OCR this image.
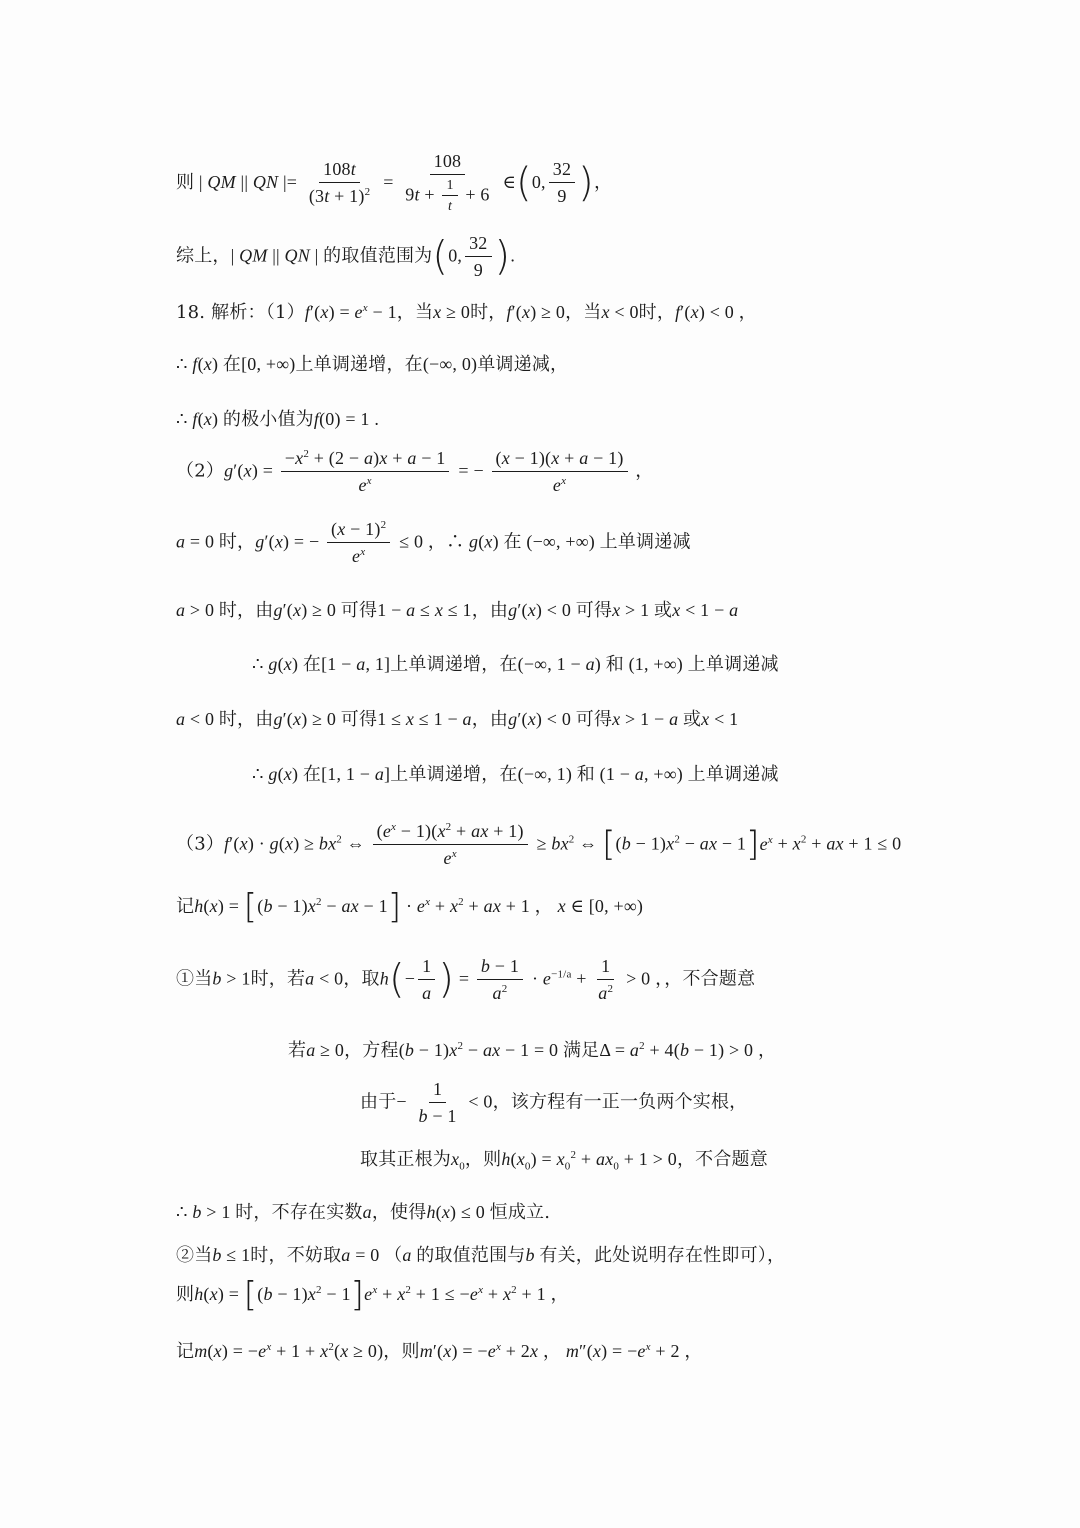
则 | QM || QN |= $\frac{108t}{(3t + 1)^2} = \frac{108}{9t + \frac{1}{t} + 6}$ ∈(0, $\frac{32}{9}$ )，
综上，| QM || QN | 的取值范围为(0, $\frac{32}{9}$ ).
18. 解析：$(1)f'(x) = e^x - 1$，当x ≥ 0时，f′(x) ≥ 0，当x < 0时，f′(x) < 0 ，
∴ f(x) 在[0, +∞)上单调递增，在(−∞, 0)单调递减，
∴ f(x) 的极小值为f(0) = 1 .
$(2)g'(x) = \frac{-x^2 + (2 - a)x + a - 1}{e^x}$ = − $\frac{(x - 1)(x + a - 1)}{e^x}$ ，
a = 0 时，g′(x) = − $\frac{(x - 1)^2}{e^x} \le 0$ ，∴ g(x) 在 (−∞, +∞) 上单调递减
a > 0 时，由g′(x) ≥ 0 可得1 − a ≤ x ≤ 1，由g′(x) < 0 可得x > 1 或x < 1 − a
∴ g(x) 在[1 − a, 1]上单调递增，在(−∞, 1 − a) 和 (1, +∞) 上单调递减
a < 0 时，由g′(x) ≥ 0 可得1 ≤ x ≤ 1 − a，由g′(x) < 0 可得x > 1 − a 或x < 1
∴ g(x) 在[1, 1 − a]上单调递增，在(−∞, 1) 和 (1 − a, +∞) 上单调递减
$(3)f'(x) \cdot g(x) \ge bx^2$ ⇔ $\frac{(e^x - 1)(x^2 + ax + 1)}{e^x} \ge bx^2$ ⇔ [$(b - 1)x^2$ − ax − $1]e^x + x^2$ + ax + 1 ≤ 0
记$h(x) = [(b - 1)x^2$ − ax − $1] \cdot e^x + x^2$ + ax + 1 ， x ∈ [0, +∞)
①当b > 1时，若a < 0，取$h(- \frac{1}{a}$ ) = $\frac{b - 1}{a^2} \cdot e^{-1/a} + \frac{1}{a^2} > 0$ ，，不合题意
若a ≥ 0，方程$(b - 1)x^2$ − ax − 1 = 0 满足$\Delta = a^2 + 4(b - 1) > 0$ ，
由于− $\frac{1}{b - 1} < 0$，该方程有一正一负两个实根，
取其正根为$x_0$，则$h(x_0) = x_0^2 + ax_0 + 1 > 0$，不合题意
∴ b > 1 时，不存在实数a，使得h(x) ≤ 0 恒成立.
②当b ≤ 1时，不妨取a = 0 （a 的取值范围与b 有关，此处说明存在性即可），
则$h(x) = [(b - 1)x^2 - 1]e^x + x^2 + 1 \le -e^x + x^2 + 1$ ，
记$m(x) = -e^x + 1 + x^2(x \ge 0)$，则$m'(x) = -e^x + 2x$ ， $m''(x) = -e^x + 2$ ，
